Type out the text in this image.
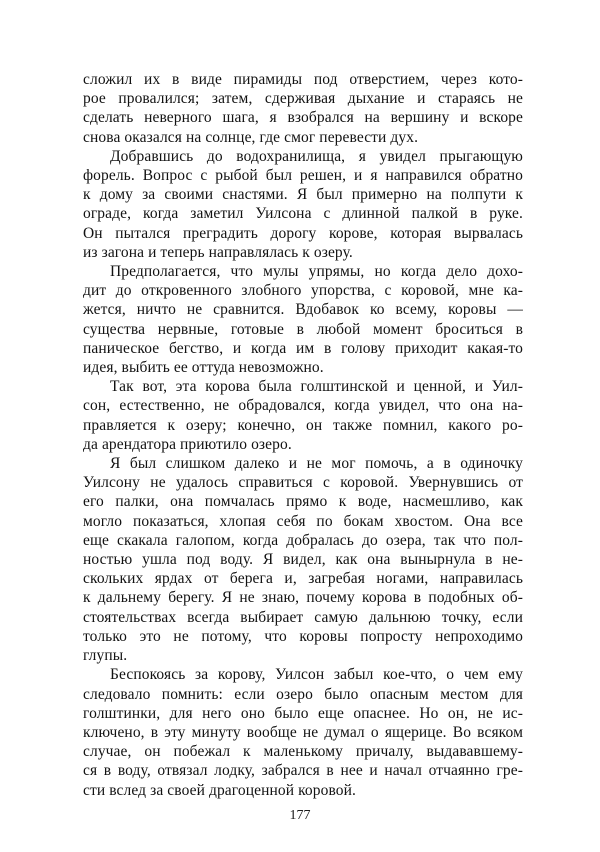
сложил их в виде пирамиды под отверстием, через кото-
рое провалился; затем, сдерживая дыхание и стараясь не
сделать неверного шага, я взобрался на вершину и вскоре
снова оказался на солнце, где смог перевести дух.
Добравшись до водохранилища, я увидел прыгающую
форель. Вопрос с рыбой был решен, и я направился обратно
к дому за своими снастями. Я был примерно на полпути к
ограде, когда заметил Уилсона с длинной палкой в руке.
Он пытался преградить дорогу корове, которая вырвалась
из загона и теперь направлялась к озеру.
Предполагается, что мулы упрямы, но когда дело дохо-
дит до откровенного злобного упорства, с коровой, мне ка-
жется, ничто не сравнится. Вдобавок ко всему, коровы —
существа нервные, готовые в любой момент броситься в
паническое бегство, и когда им в голову приходит какая-то
идея, выбить ее оттуда невозможно.
Так вот, эта корова была голштинской и ценной, и Уил-
сон, естественно, не обрадовался, когда увидел, что она на-
правляется к озеру; конечно, он также помнил, какого ро-
да арендатора приютило озеро.
Я был слишком далеко и не мог помочь, а в одиночку
Уилсону не удалось справиться с коровой. Увернувшись от
его палки, она помчалась прямо к воде, насмешливо, как
могло показаться, хлопая себя по бокам хвостом. Она все
еще скакала галопом, когда добралась до озера, так что пол-
ностью ушла под воду. Я видел, как она вынырнула в не-
скольких ярдах от берега и, загребая ногами, направилась
к дальнему берегу. Я не знаю, почему корова в подобных об-
стоятельствах всегда выбирает самую дальнюю точку, если
только это не потому, что коровы попросту непроходимо
глупы.
Беспокоясь за корову, Уилсон забыл кое-что, о чем ему
следовало помнить: если озеро было опасным местом для
голштинки, для него оно было еще опаснее. Но он, не ис-
ключено, в эту минуту вообще не думал о ящерице. Во всяком
случае, он побежал к маленькому причалу, выдававшему-
ся в воду, отвязал лодку, забрался в нее и начал отчаянно гре-
сти вслед за своей драгоценной коровой.
177
